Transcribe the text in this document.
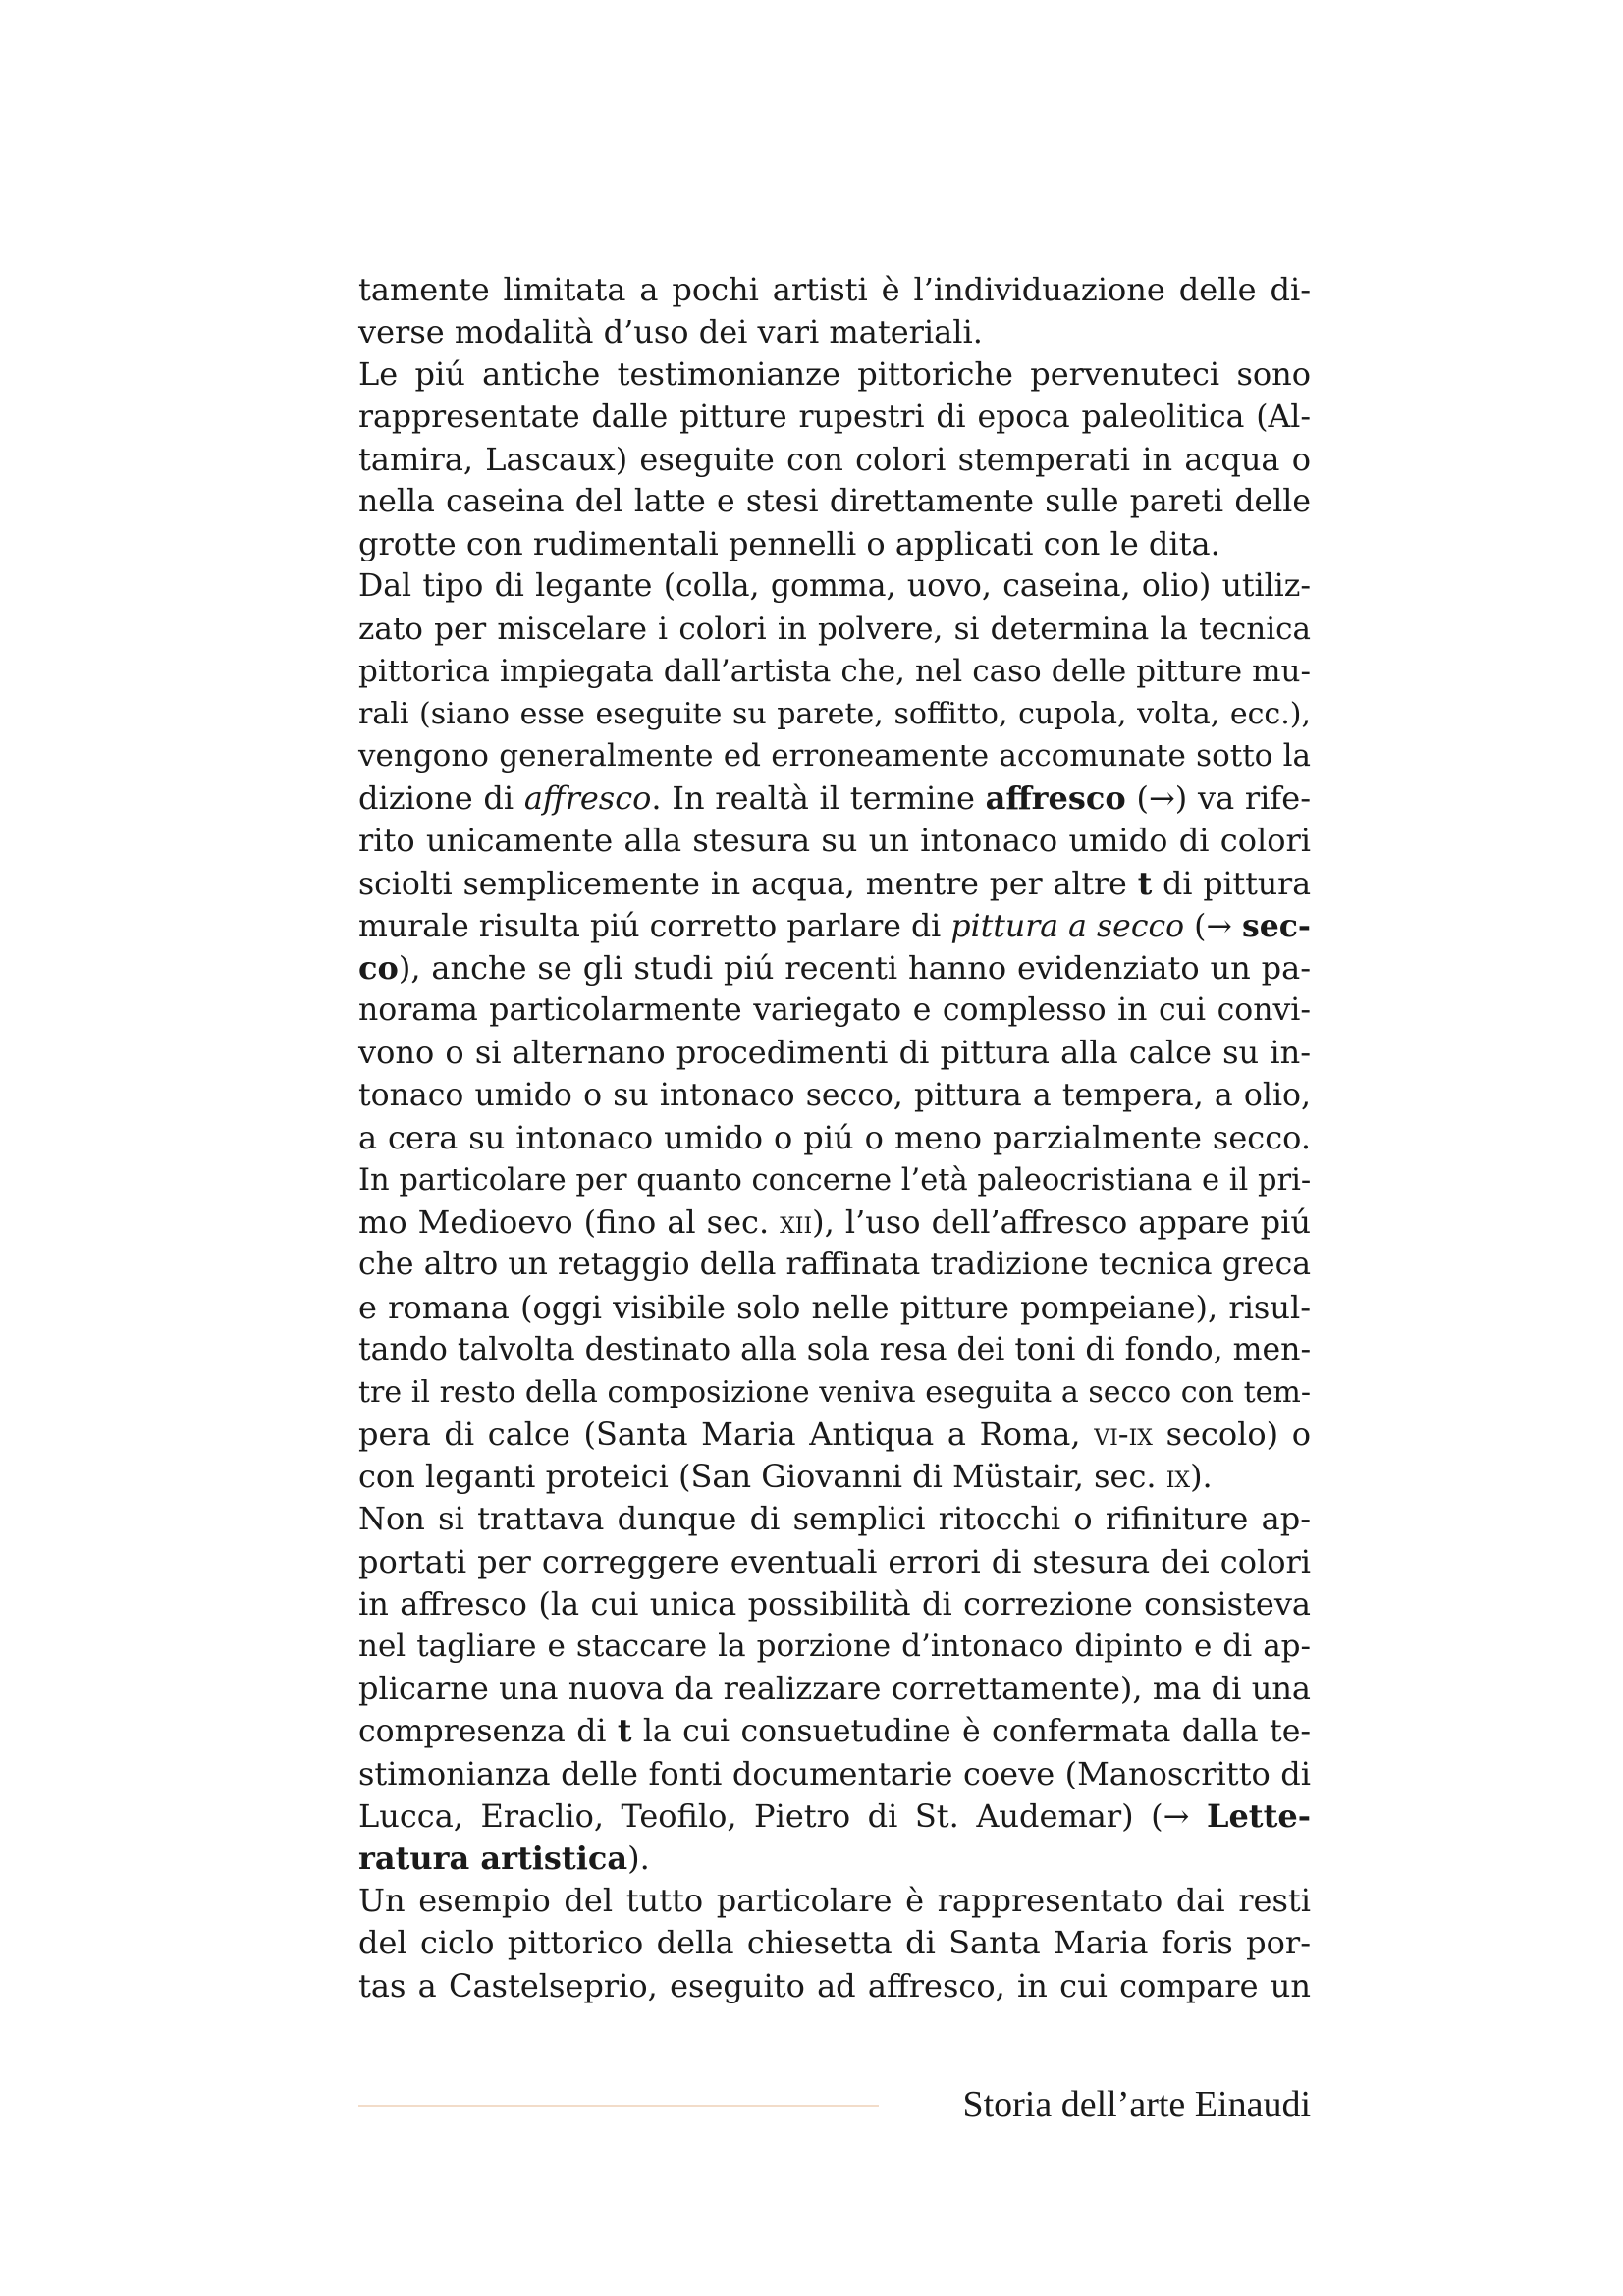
tamente limitata a pochi artisti è l’individuazione delle di-
verse modalità d’uso dei vari materiali.
Le piú antiche testimonianze pittoriche pervenuteci sono
rappresentate dalle pitture rupestri di epoca paleolitica (Al-
tamira, Lascaux) eseguite con colori stemperati in acqua o
nella caseina del latte e stesi direttamente sulle pareti delle
grotte con rudimentali pennelli o applicati con le dita.
Dal tipo di legante (colla, gomma, uovo, caseina, olio) utiliz-
zato per miscelare i colori in polvere, si determina la tecnica
pittorica impiegata dall’artista che, nel caso delle pitture mu-
rali (siano esse eseguite su parete, soffitto, cupola, volta, ecc.),
vengono generalmente ed erroneamente accomunate sotto la
dizione di affresco. In realtà il termine affresco (→) va rife-
rito unicamente alla stesura su un intonaco umido di colori
sciolti semplicemente in acqua, mentre per altre t di pittura
murale risulta piú corretto parlare di pittura a secco (→ sec-
co), anche se gli studi piú recenti hanno evidenziato un pa-
norama particolarmente variegato e complesso in cui convi-
vono o si alternano procedimenti di pittura alla calce su in-
tonaco umido o su intonaco secco, pittura a tempera, a olio,
a cera su intonaco umido o piú o meno parzialmente secco.
In particolare per quanto concerne l’età paleocristiana e il pri-
mo Medioevo (fino al sec. xii), l’uso dell’affresco appare piú
che altro un retaggio della raffinata tradizione tecnica greca
e romana (oggi visibile solo nelle pitture pompeiane), risul-
tando talvolta destinato alla sola resa dei toni di fondo, men-
tre il resto della composizione veniva eseguita a secco con tem-
pera di calce (Santa Maria Antiqua a Roma, vi-ix secolo) o
con leganti proteici (San Giovanni di Müstair, sec. ix).
Non si trattava dunque di semplici ritocchi o rifiniture ap-
portati per correggere eventuali errori di stesura dei colori
in affresco (la cui unica possibilità di correzione consisteva
nel tagliare e staccare la porzione d’intonaco dipinto e di ap-
plicarne una nuova da realizzare correttamente), ma di una
compresenza di t la cui consuetudine è confermata dalla te-
stimonianza delle fonti documentarie coeve (Manoscritto di
Lucca, Eraclio, Teofilo, Pietro di St. Audemar) (→ Lette-
ratura artistica).
Un esempio del tutto particolare è rappresentato dai resti
del ciclo pittorico della chiesetta di Santa Maria foris por-
tas a Castelseprio, eseguito ad affresco, in cui compare un
Storia dell’arte Einaudi
